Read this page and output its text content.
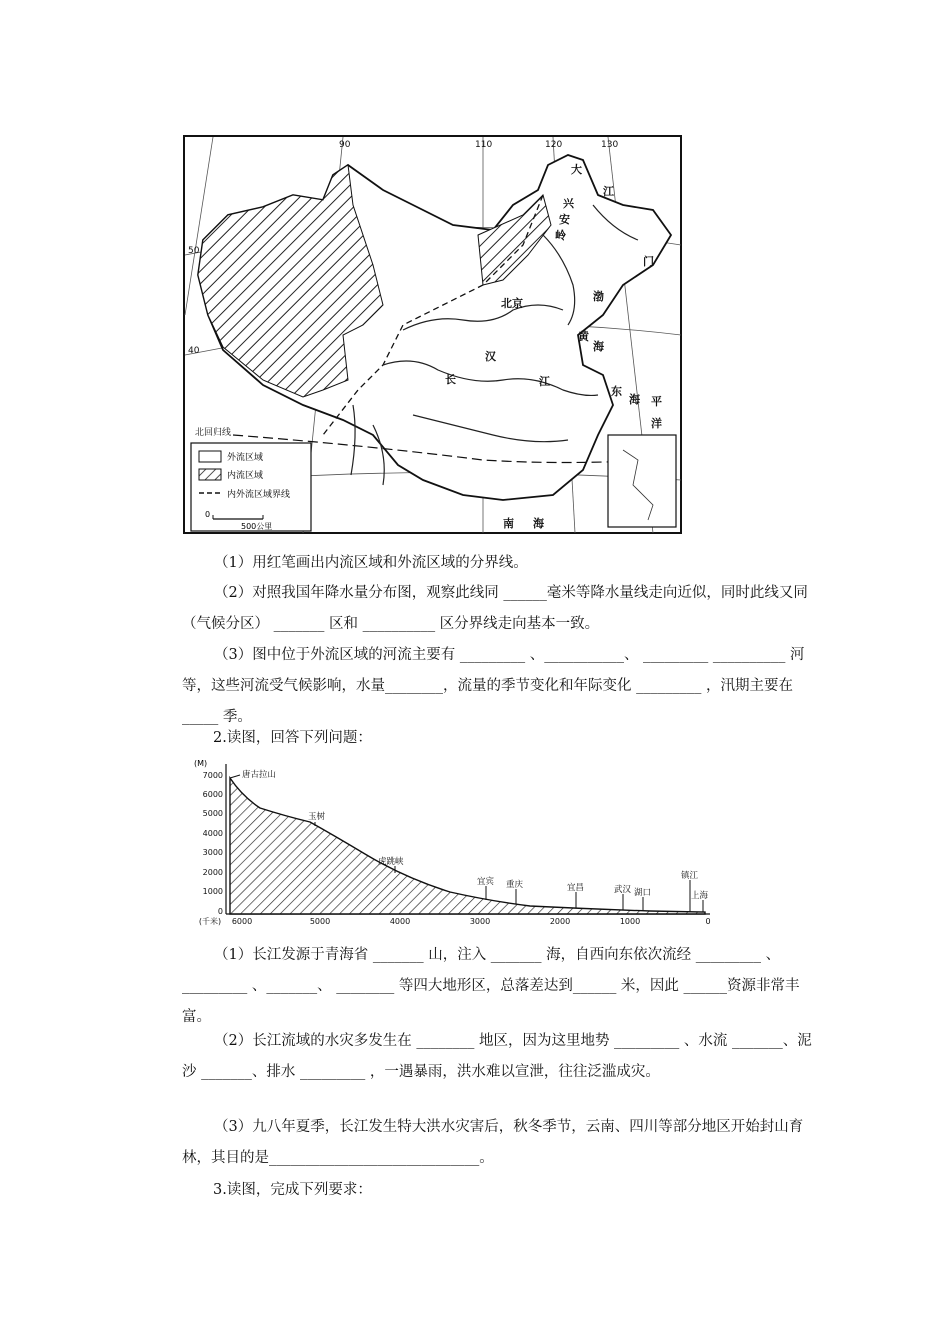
50
40
90	110	120	130
大
兴
安
岭
江
北京
黄
海
东
海
南 海
长	江
汉
门
平
洋
渤
北回归线
外流区域
内流区域
内外流区域界线
0
500公里

（1）用红笔画出内流区域和外流区域的分界线。

（2）对照我国年降水量分布图，观察此线同 ______毫米等降水量线走向近似，同时此线又同（气候分区） _______ 区和 __________ 区分界线走向基本一致。

（3）图中位于外流区域的河流主要有 _________ 、___________、 _________ __________ 河等，这些河流受气候影响，水量________，流量的季节变化和年际变化 _________ ，汛期主要在 _____ 季。

2.读图，回答下列问题：
(M)
7000
6000
5000
4000
3000
2000
1000
0
(千米) 6000	5000	4000	3000	2000	1000	0
唐古拉山
玉树
虎跳峡
宜宾 重庆	宜昌	武汉 湖口
镇江
上海

（1）长江发源于青海省 _______ 山，注入 _______ 海，自西向东依次流经 _________ 、 _________ 、_______、 ________ 等四大地形区，总落差达到______ 米，因此 ______资源非常丰富。

（2）长江流域的水灾多发生在 ________ 地区，因为这里地势 _________ 、水流 _______、泥沙 _______、排水 _________ ，一遇暴雨，洪水难以宣泄，往往泛滥成灾。

（3）九八年夏季，长江发生特大洪水灾害后，秋冬季节，云南、四川等部分地区开始封山育林，其目的是_____________________________。

3.读图，完成下列要求：
